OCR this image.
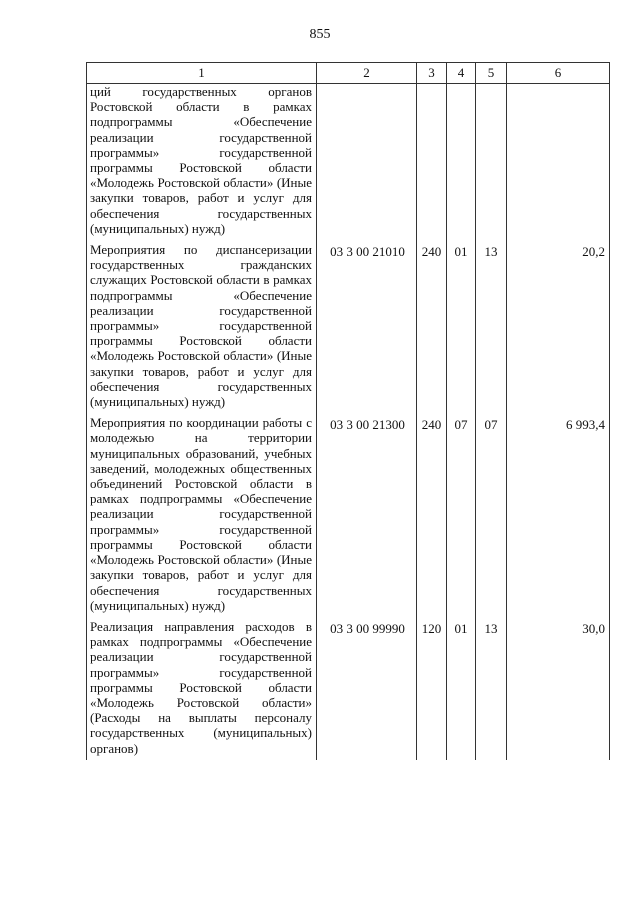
855
1	2	3	4	5	6
ций государственных органов Ростовской области в рамках подпрограммы «Обеспечение реализации государственной программы» государственной программы Ростовской области «Молодежь Ростовской области» (Иные закупки товаров, работ и услуг для обеспечения государственных (муниципальных) нужд)					
Мероприятия по диспансеризации государственных гражданских служащих Ростовской области в рамках подпрограммы «Обеспечение реализации государственной программы» государственной программы Ростовской области «Молодежь Ростовской области» (Иные закупки товаров, работ и услуг для обеспечения государственных (муниципальных) нужд)	03 3 00 21010	240	01	13	20,2
Мероприятия по координации работы с молодежью на территории муниципальных образований, учебных заведений, молодежных общественных объединений Ростовской области в рамках подпрограммы «Обеспечение реализации государственной программы» государственной программы Ростовской области «Молодежь Ростовской области» (Иные закупки товаров, работ и услуг для обеспечения государственных (муниципальных) нужд)	03 3 00 21300	240	07	07	6 993,4
Реализация направления расходов в рамках подпрограммы «Обеспечение реализации государственной программы» государственной программы Ростовской области «Молодежь Ростовской области» (Расходы на выплаты персоналу государственных (муниципальных) органов)	03 3 00 99990	120	01	13	30,0
